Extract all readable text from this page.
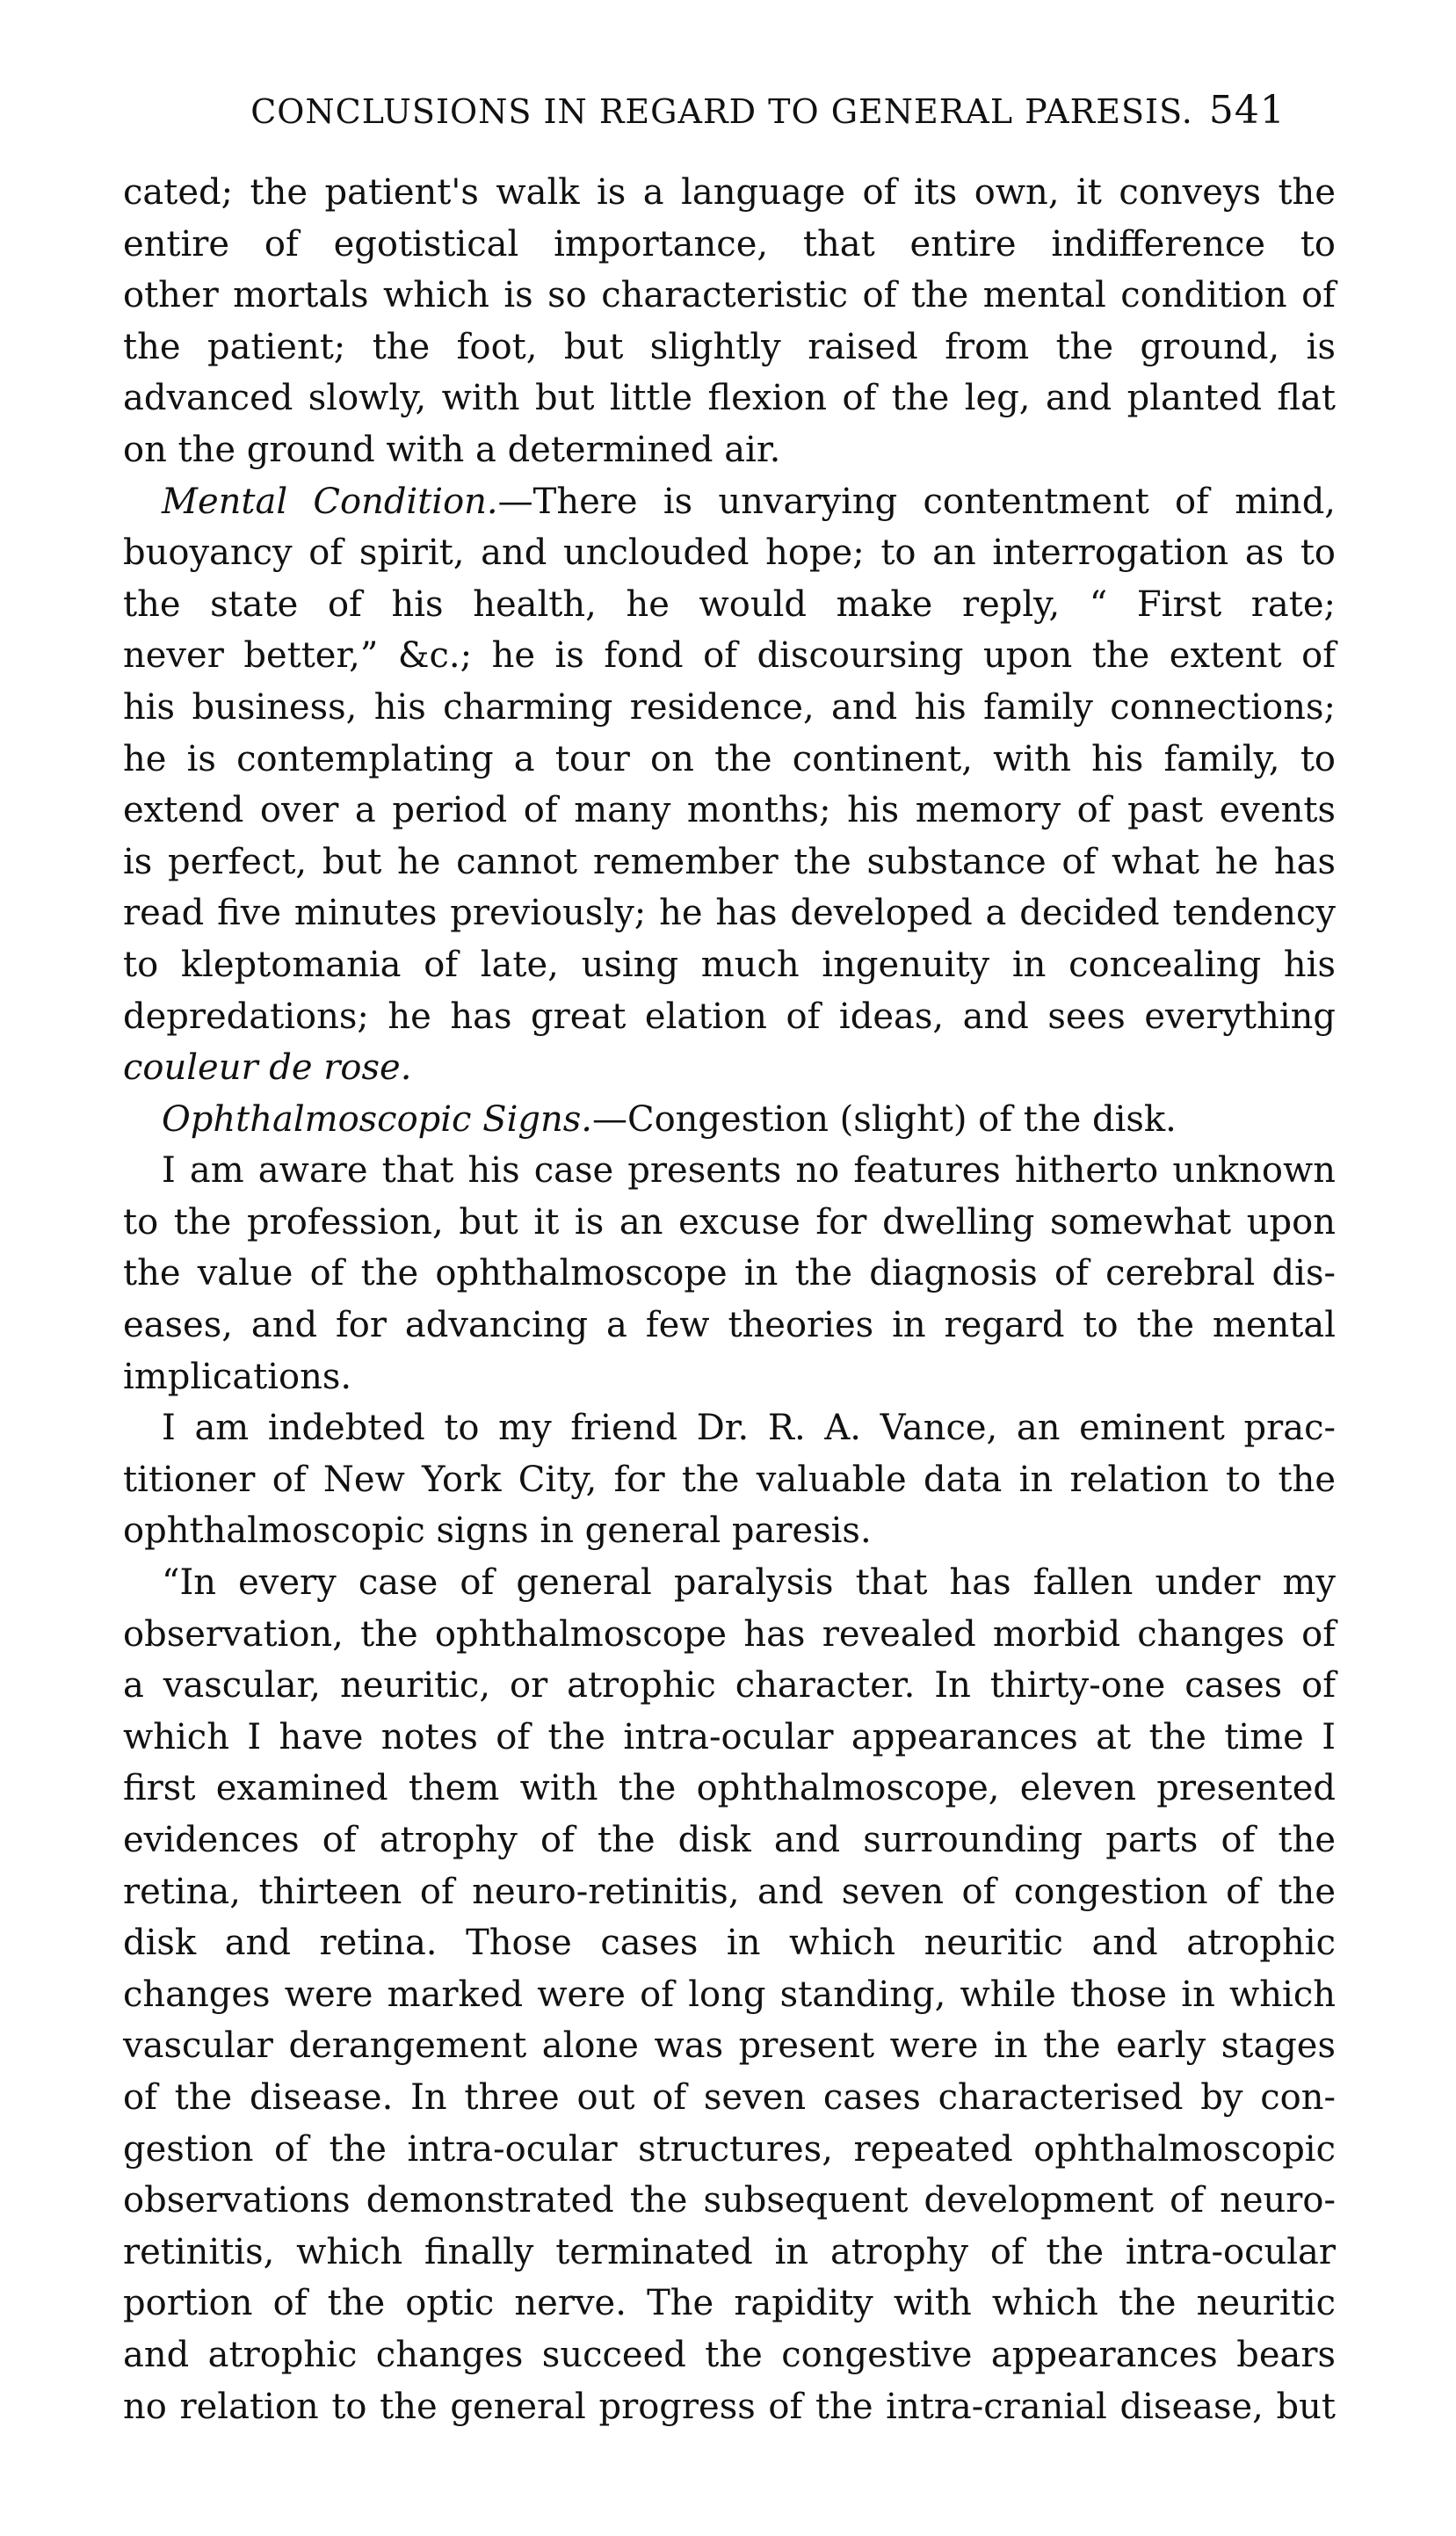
CONCLUSIONS IN REGARD TO GENERAL PARESIS. 541
cated; the patient's walk is a language of its own, it conveys the
entire of egotistical importance, that entire indifference to
other mortals which is so characteristic of the mental condition of
the patient; the foot, but slightly raised from the ground, is
advanced slowly, with but little flexion of the leg, and planted flat
on the ground with a determined air.
Mental Condition.—There is unvarying contentment of mind,
buoyancy of spirit, and unclouded hope; to an interrogation as to
the state of his health, he would make reply, “ First rate;
never better,” &c.; he is fond of discoursing upon the extent of
his business, his charming residence, and his family connections;
he is contemplating a tour on the continent, with his family, to
extend over a period of many months; his memory of past events
is perfect, but he cannot remember the substance of what he has
read five minutes previously; he has developed a decided tendency
to kleptomania of late, using much ingenuity in concealing his
depredations; he has great elation of ideas, and sees everything
couleur de rose.
Ophthalmoscopic Signs.—Congestion (slight) of the disk.
I am aware that his case presents no features hitherto unknown
to the profession, but it is an excuse for dwelling somewhat upon
the value of the ophthalmoscope in the diagnosis of cerebral dis-
eases, and for advancing a few theories in regard to the mental
implications.
I am indebted to my friend Dr. R. A. Vance, an eminent prac-
titioner of New York City, for the valuable data in relation to the
ophthalmoscopic signs in general paresis.
“In every case of general paralysis that has fallen under my
observation, the ophthalmoscope has revealed morbid changes of
a vascular, neuritic, or atrophic character. In thirty-one cases of
which I have notes of the intra-ocular appearances at the time I
first examined them with the ophthalmoscope, eleven presented
evidences of atrophy of the disk and surrounding parts of the
retina, thirteen of neuro-retinitis, and seven of congestion of the
disk and retina. Those cases in which neuritic and atrophic
changes were marked were of long standing, while those in which
vascular derangement alone was present were in the early stages
of the disease. In three out of seven cases characterised by con-
gestion of the intra-ocular structures, repeated ophthalmoscopic
observations demonstrated the subsequent development of neuro-
retinitis, which finally terminated in atrophy of the intra-ocular
portion of the optic nerve. The rapidity with which the neuritic
and atrophic changes succeed the congestive appearances bears
no relation to the general progress of the intra-cranial disease, but
